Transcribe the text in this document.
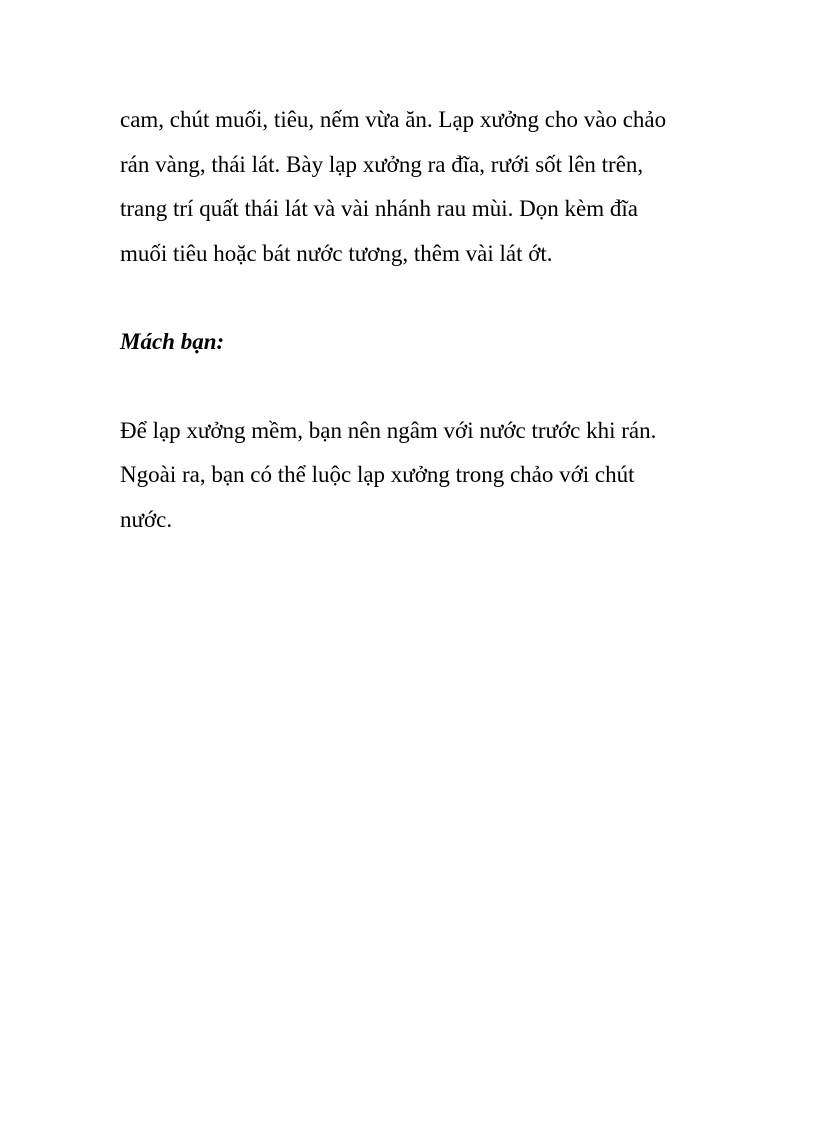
cam, chút muối, tiêu, nếm vừa ăn. Lạp xưởng cho vào chảo

rán vàng, thái lát. Bày lạp xưởng ra đĩa, rưới sốt lên trên,

trang trí quất thái lát và vài nhánh rau mùi. Dọn kèm đĩa

muối tiêu hoặc bát nước tương, thêm vài lát ớt.

Mách bạn:

Để lạp xưởng mềm, bạn nên ngâm với nước trước khi rán.

Ngoài ra, bạn có thể luộc lạp xưởng trong chảo với chút

nước.
